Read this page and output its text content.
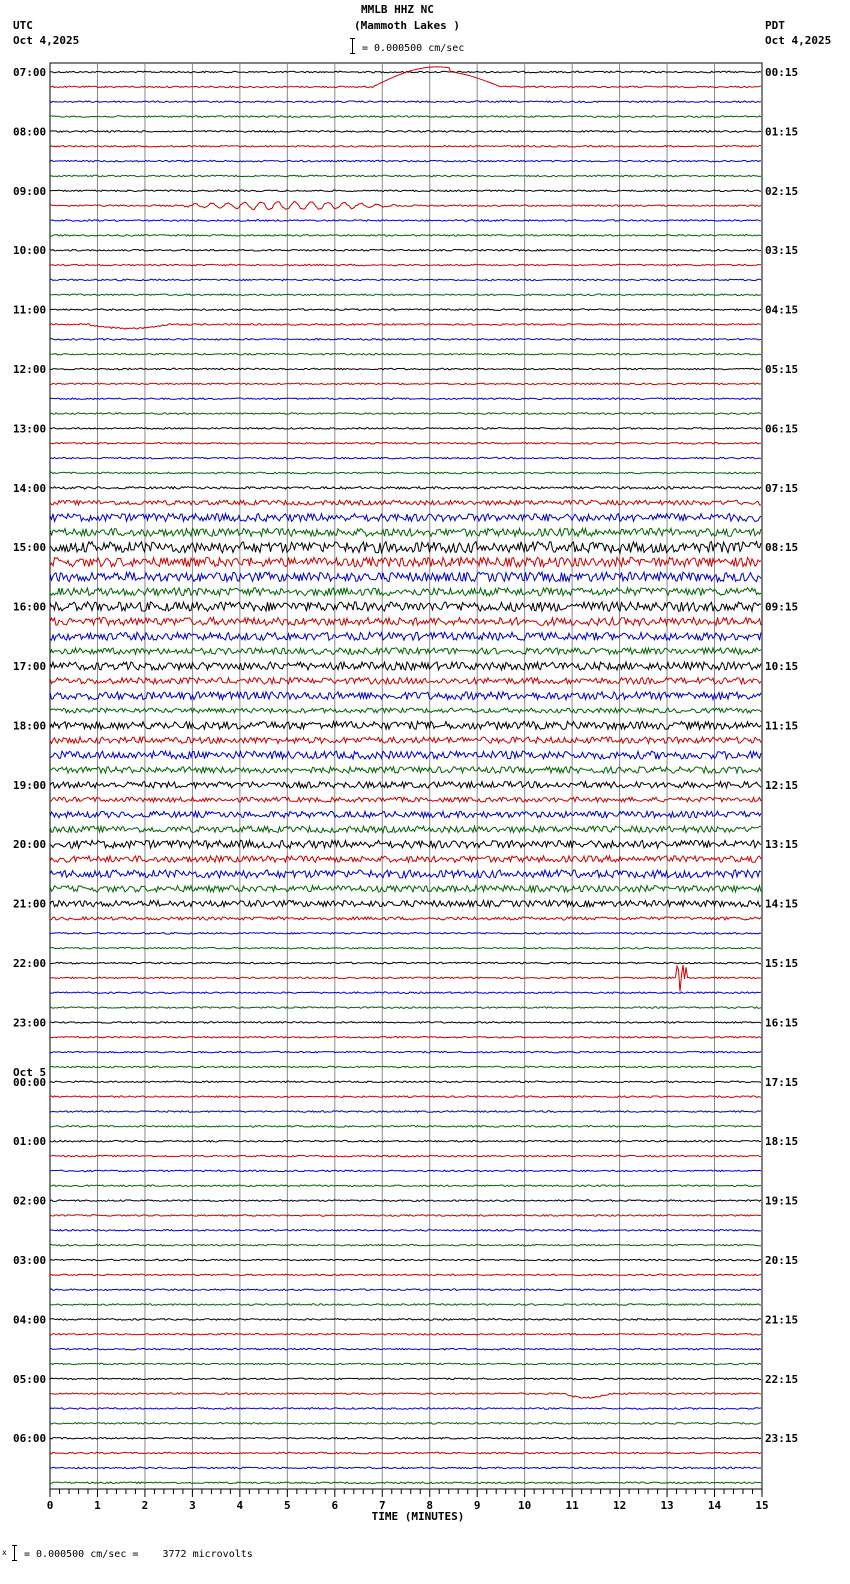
MMLB HHZ NC
(Mammoth Lakes )
UTC
Oct 4,2025
PDT
Oct 4,2025
= 0.000500 cm/sec
07:00	00:15
08:00	01:15
09:00	02:15
10:00	03:15
11:00	04:15
12:00	05:15
13:00	06:15
14:00	07:15
15:00	08:15
16:00	09:15
17:00	10:15
18:00	11:15
19:00	12:15
20:00	13:15
21:00	14:15
22:00	15:15
23:00	16:15
00:00	17:15
01:00	18:15
02:00	19:15
03:00	20:15
04:00	21:15
05:00	22:15
06:00	23:15
Oct 5
0	1	2	3	4	5	6	7	8	9	10	11	12	13	14	15
TIME (MINUTES)
x = 0.000500 cm/sec =    3772 microvolts
